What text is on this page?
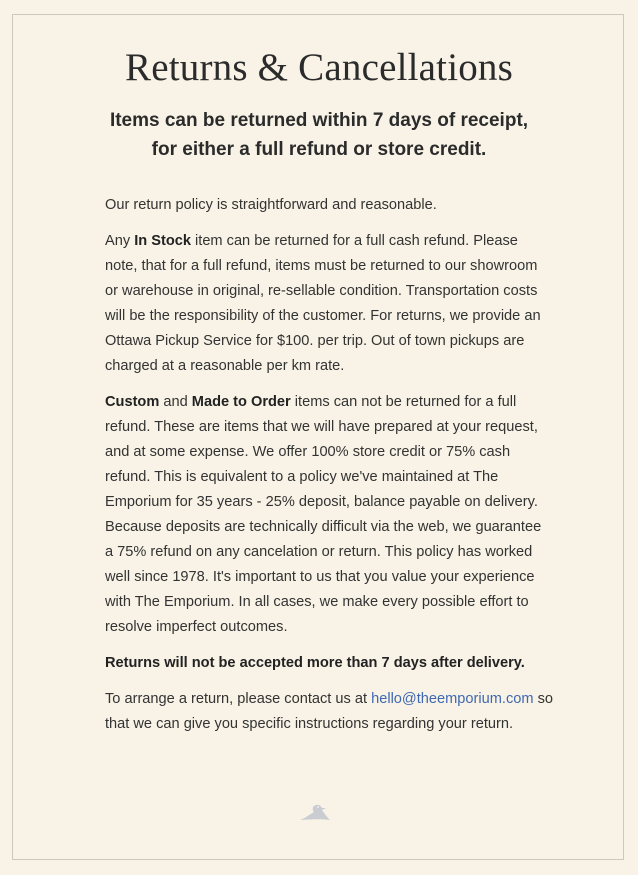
Returns & Cancellations
Items can be returned within 7 days of receipt,
for either a full refund or store credit.

Our return policy is straightforward and reasonable.

Any In Stock item can be returned for a full cash refund. Please note, that for a full refund, items must be returned to our showroom or warehouse in original, re-sellable condition. Transportation costs will be the responsibility of the customer. For returns, we provide an Ottawa Pickup Service for $100. per trip. Out of town pickups are charged at a reasonable per km rate.

Custom and Made to Order items can not be returned for a full refund. These are items that we will have prepared at your request, and at some expense. We offer 100% store credit or 75% cash refund. This is equivalent to a policy we've maintained at The Emporium for 35 years - 25% deposit, balance payable on delivery. Because deposits are technically difficult via the web, we guarantee a 75% refund on any cancelation or return. This policy has worked well since 1978. It's important to us that you value your experience with The Emporium. In all cases, we make every possible effort to resolve imperfect outcomes.

Returns will not be accepted more than 7 days after delivery.

To arrange a return, please contact us at hello@theemporium.com so that we can give you specific instructions regarding your return.
